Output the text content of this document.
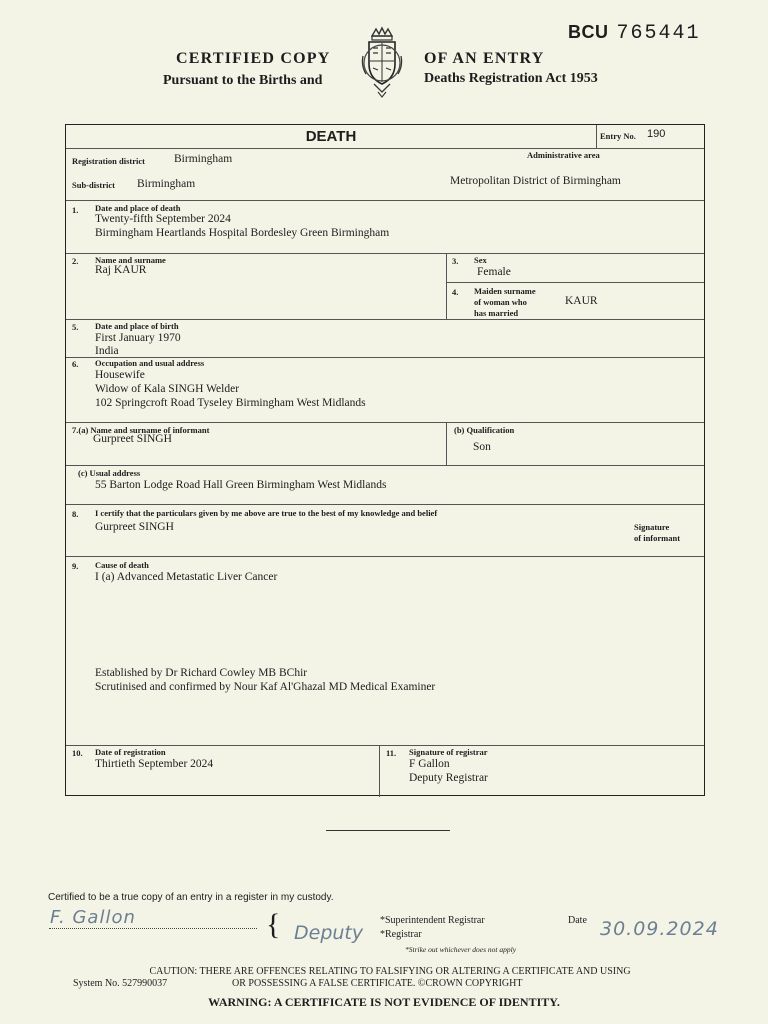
CERTIFIED COPY	OF AN ENTRY
Pursuant to the Births and	Deaths Registration Act 1953
BCU 765441
DEATH	Entry No. 190
Registration district	Birmingham	Administrative area
Sub-district Birmingham	Metropolitan District of Birmingham
1. Date and place of death
Twenty-fifth September 2024
Birmingham Heartlands Hospital Bordesley Green Birmingham
2. Name and surname
Raj KAUR
3. Sex
Female
4. Maiden surname
of woman who
has married
KAUR
5. Date and place of birth
First January 1970
India
6. Occupation and usual address
Housewife
Widow of Kala SINGH Welder
102 Springcroft Road Tyseley Birmingham West Midlands
7.(a) Name and surname of informant
Gurpreet SINGH
(b) Qualification
Son
(c) Usual address
55 Barton Lodge Road Hall Green Birmingham West Midlands
8. I certify that the particulars given by me above are true to the best of my knowledge and belief
Gurpreet SINGH	Signature
of informant
9. Cause of death
I (a) Advanced Metastatic Liver Cancer
Established by Dr Richard Cowley MB BChir
Scrutinised and confirmed by Nour Kaf Al'Ghazal MD Medical Examiner
10. Date of registration
Thirtieth September 2024
11. Signature of registrar
F Gallon
Deputy Registrar
Certified to be a true copy of an entry in a register in my custody.
F. Gallon	{ Deputy
*Superintendent Registrar
*Registrar
*Strike out whichever does not apply
Date 30.09.2024
CAUTION: THERE ARE OFFENCES RELATING TO FALSIFYING OR ALTERING A CERTIFICATE AND USING
System No. 527990037	OR POSSESSING A FALSE CERTIFICATE. ©CROWN COPYRIGHT
WARNING: A CERTIFICATE IS NOT EVIDENCE OF IDENTITY.
